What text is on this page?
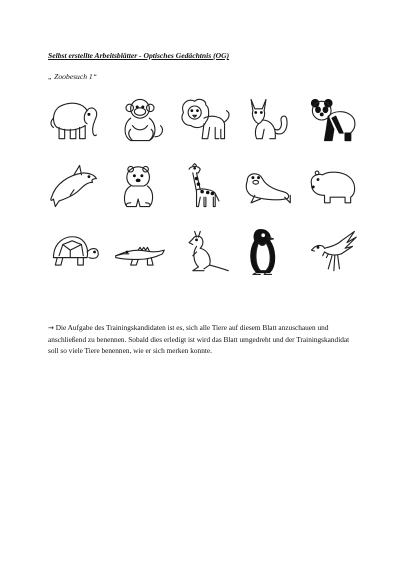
Selbst erstellte Arbeitsblätter - Optisches Gedächtnis (OG)
„ Zoobesuch 1“
→ Die Aufgabe des Trainingskandidaten ist es, sich alle Tiere auf diesem Blatt anzuschauen und anschließend zu benennen. Sobald dies erledigt ist wird das Blatt umgedreht und der Trainingskandidat soll so viele Tiere benennen, wie er sich merken konnte.
